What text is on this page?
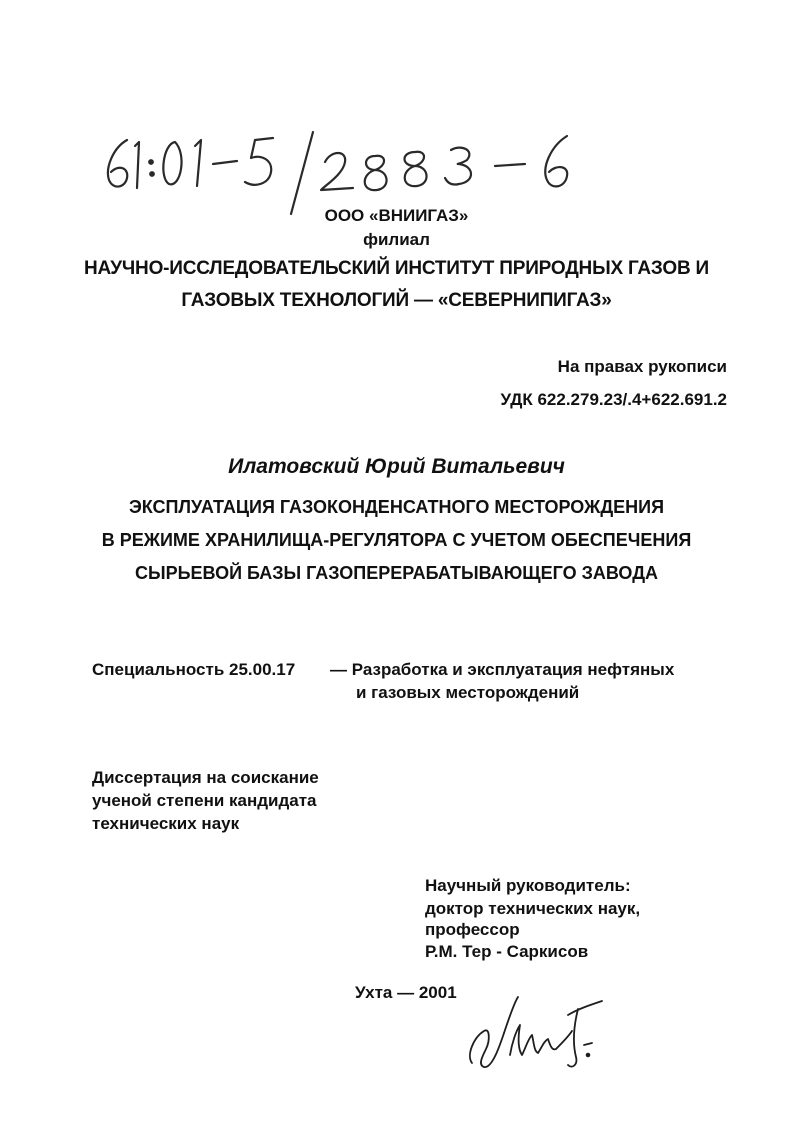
ООО «ВНИИГАЗ»
филиал
НАУЧНО-ИССЛЕДОВАТЕЛЬСКИЙ ИНСТИТУТ ПРИРОДНЫХ ГАЗОВ И
ГАЗОВЫХ ТЕХНОЛОГИЙ — «СЕВЕРНИПИГАЗ»
На правах рукописи
УДК 622.279.23/.4+622.691.2
Илатовский Юрий Витальевич
ЭКСПЛУАТАЦИЯ ГАЗОКОНДЕНСАТНОГО МЕСТОРОЖДЕНИЯ
В РЕЖИМЕ ХРАНИЛИЩА-РЕГУЛЯТОРА С УЧЕТОМ ОБЕСПЕЧЕНИЯ
СЫРЬЕВОЙ БАЗЫ ГАЗОПЕРЕРАБАТЫВАЮЩЕГО ЗАВОДА
Специальность 25.00.17 — Разработка и эксплуатация нефтяных
и газовых месторождений
Диссертация на соискание
ученой степени кандидата
технических наук
Научный руководитель:
доктор технических наук,
профессор
Р.М. Тер - Саркисов
Ухта — 2001
